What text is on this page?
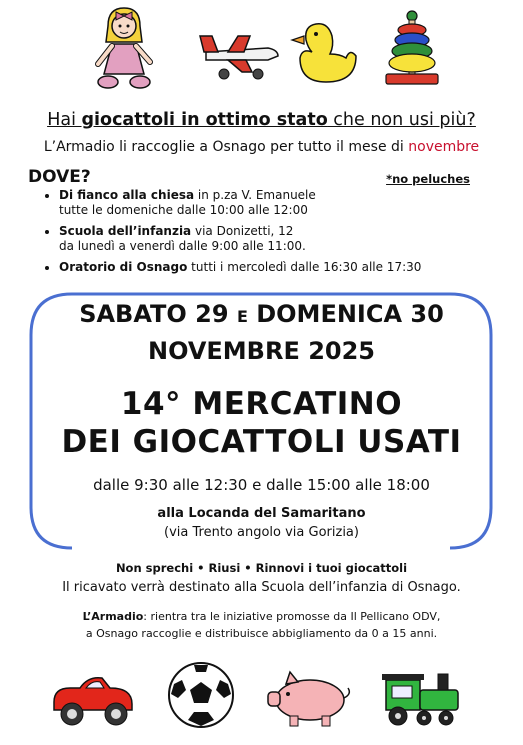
Hai giocattoli in ottimo stato che non usi più?
L’Armadio li raccoglie a Osnago per tutto il mese di novembre
DOVE?	*no peluches
• Di fianco alla chiesa in p.za V. Emanuele
tutte le domeniche dalle 10:00 alle 12:00
• Scuola dell’infanzia via Donizetti, 12
da lunedì a venerdì dalle 9:00 alle 11:00.
• Oratorio di Osnago tutti i mercoledì dalle 16:30 alle 17:30
SABATO 29 E DOMENICA 30
NOVEMBRE 2025
14° MERCATINO
DEI GIOCATTOLI USATI
dalle 9:30 alle 12:30 e dalle 15:00 alle 18:00
alla Locanda del Samaritano
(via Trento angolo via Gorizia)
Non sprechi • Riusi • Rinnovi i tuoi giocattoli
Il ricavato verrà destinato alla Scuola dell’infanzia di Osnago.
L’Armadio: rientra tra le iniziative promosse da Il Pellicano ODV,
a Osnago raccoglie e distribuisce abbigliamento da 0 a 15 anni.
